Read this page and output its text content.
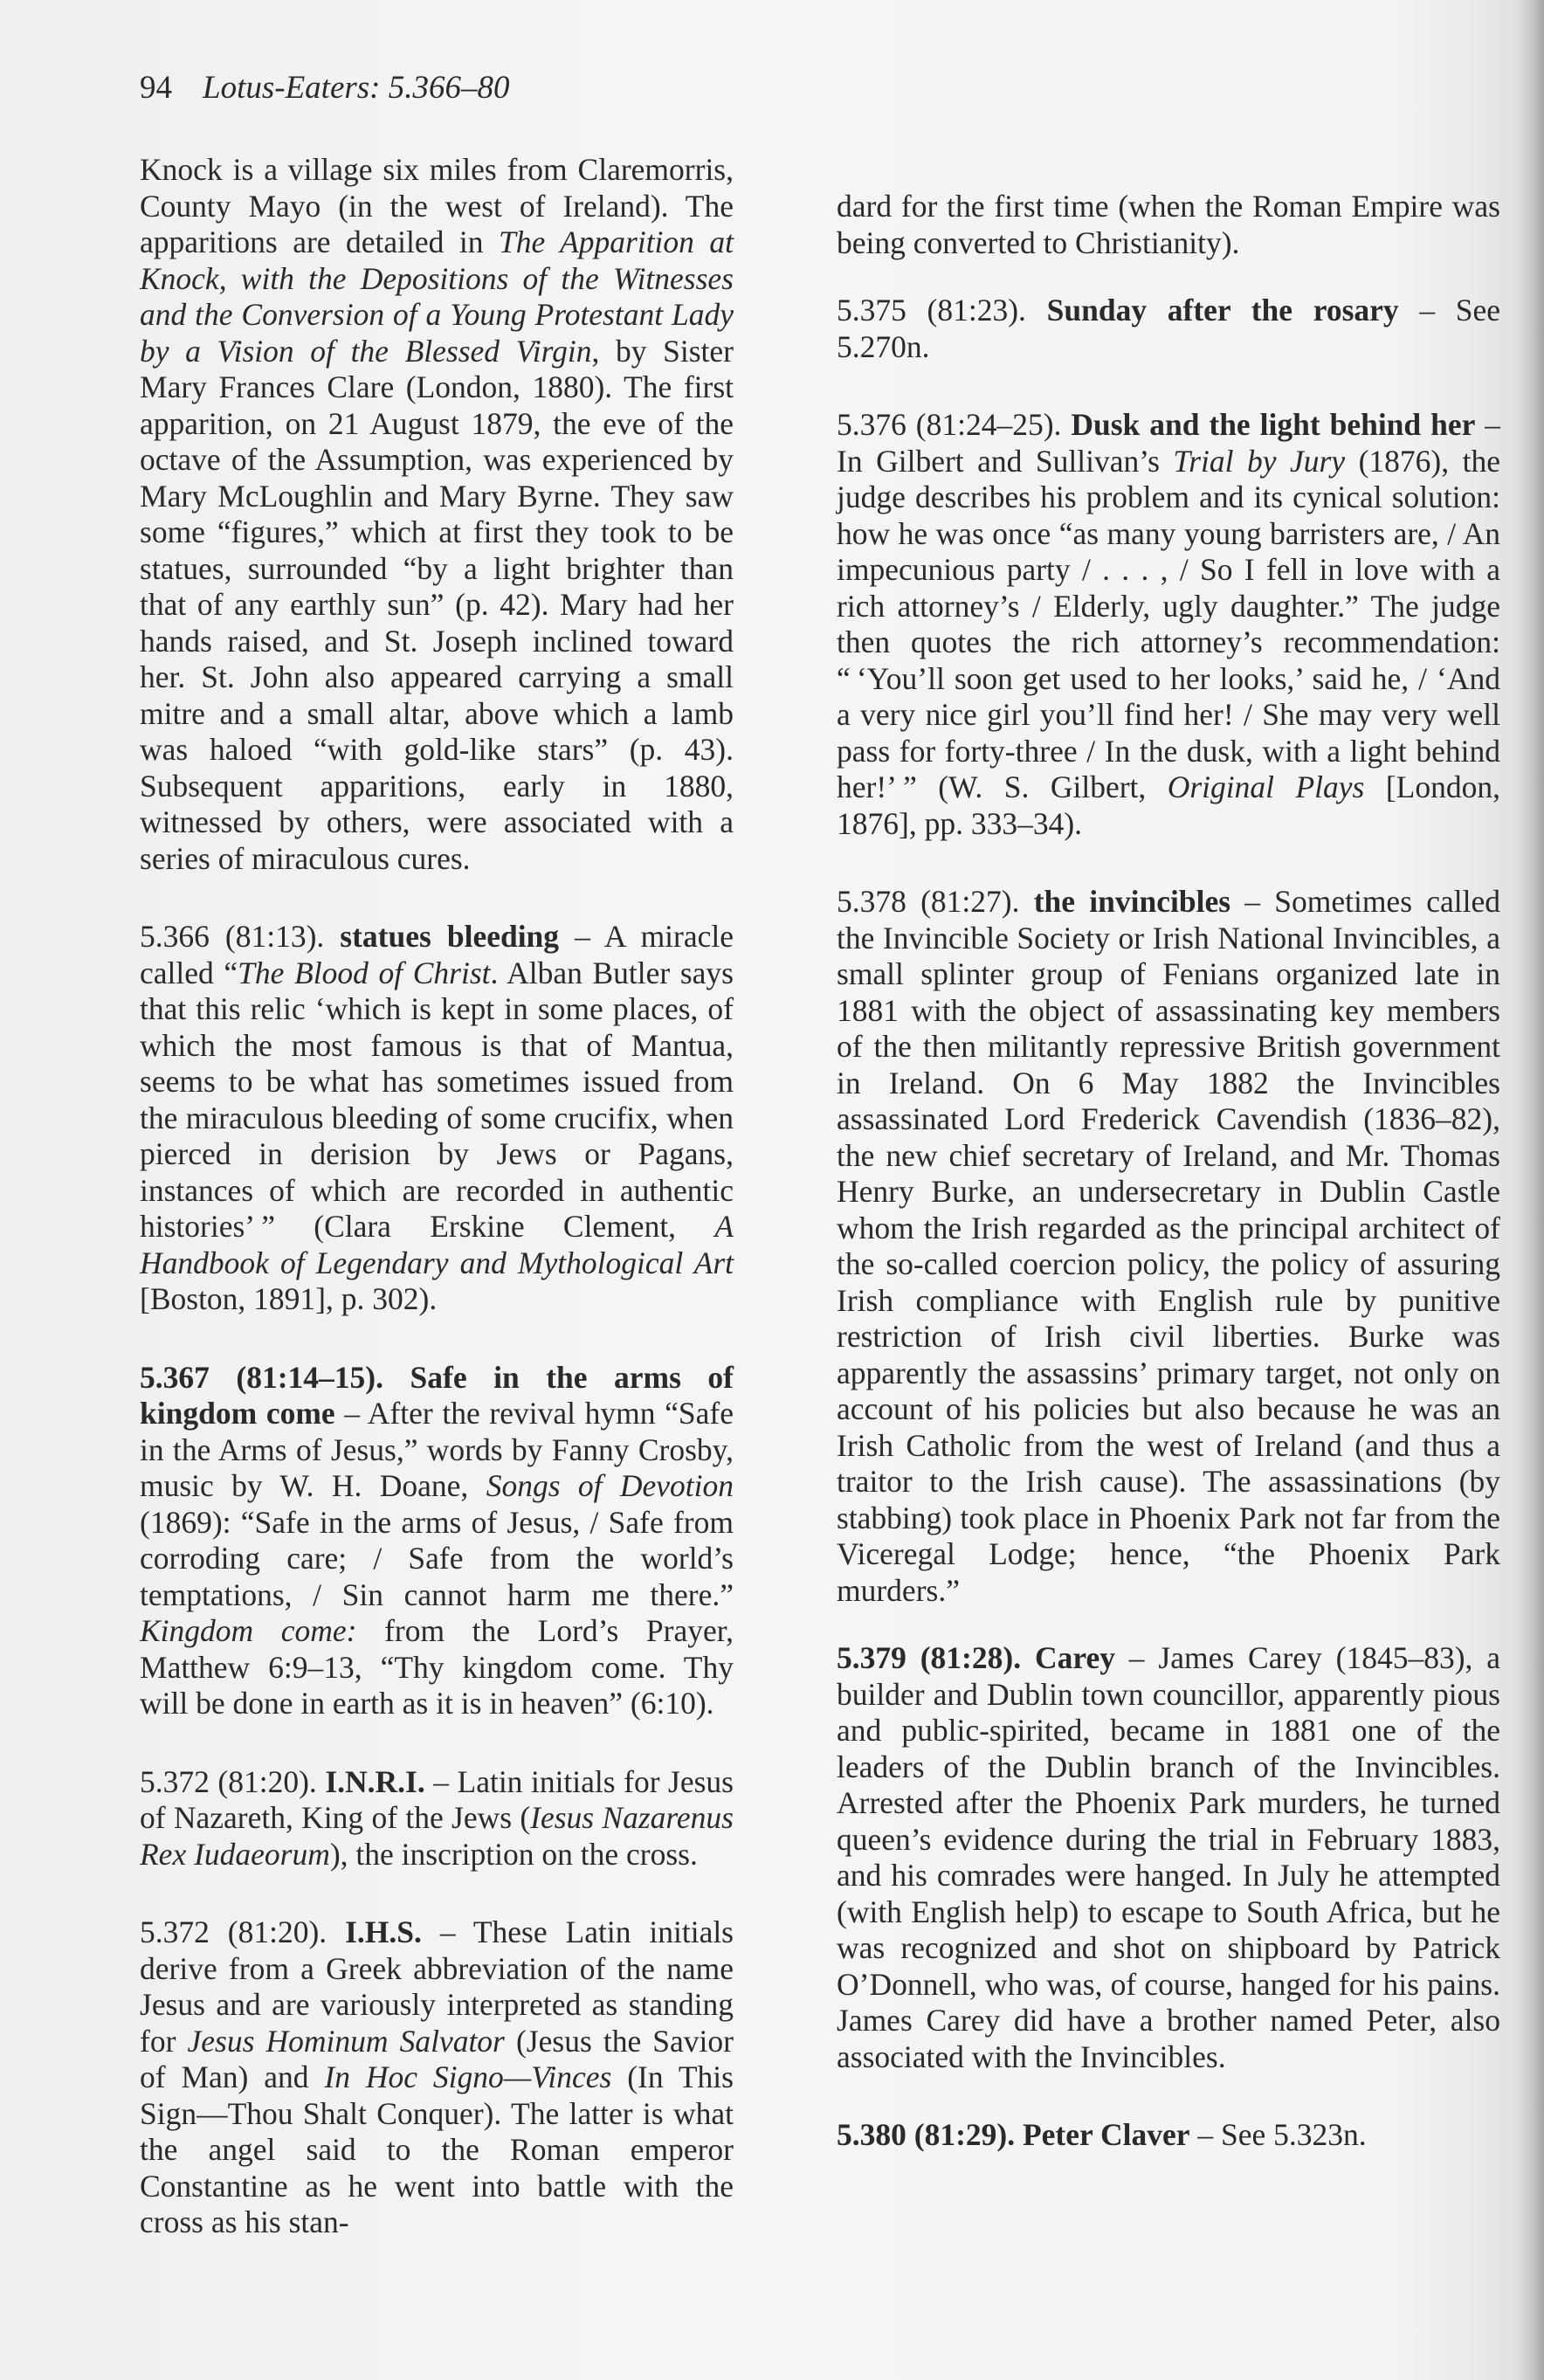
94 Lotus-Eaters: 5.366–80

Knock is a village six miles from Claremorris, County Mayo (in the west of Ireland). The apparitions are detailed in The Apparition at Knock, with the Depositions of the Witnesses and the Conversion of a Young Protestant Lady by a Vision of the Blessed Virgin, by Sister Mary Frances Clare (London, 1880). The first apparition, on 21 August 1879, the eve of the octave of the Assumption, was experienced by Mary McLoughlin and Mary Byrne. They saw some “figures,” which at first they took to be statues, surrounded “by a light brighter than that of any earthly sun” (p. 42). Mary had her hands raised, and St. Joseph inclined toward her. St. John also appeared carrying a small mitre and a small altar, above which a lamb was haloed “with gold-like stars” (p. 43). Subsequent apparitions, early in 1880, witnessed by others, were associated with a series of miraculous cures.

5.366 (81:13). statues bleeding – A miracle called “The Blood of Christ. Alban Butler says that this relic ‘which is kept in some places, of which the most famous is that of Mantua, seems to be what has sometimes issued from the miraculous bleeding of some crucifix, when pierced in derision by Jews or Pagans, instances of which are recorded in authentic histories’ ” (Clara Erskine Clement, A Handbook of Legendary and Mythological Art [Boston, 1891], p. 302).

5.367 (81:14–15). Safe in the arms of kingdom come – After the revival hymn “Safe in the Arms of Jesus,” words by Fanny Crosby, music by W. H. Doane, Songs of Devotion (1869): “Safe in the arms of Jesus, / Safe from corroding care; / Safe from the world’s temptations, / Sin cannot harm me there.” Kingdom come: from the Lord’s Prayer, Matthew 6:9–13, “Thy kingdom come. Thy will be done in earth as it is in heaven” (6:10).

5.372 (81:20). I.N.R.I. – Latin initials for Jesus of Nazareth, King of the Jews (Iesus Nazarenus Rex Iudaeorum), the inscription on the cross.

5.372 (81:20). I.H.S. – These Latin initials derive from a Greek abbreviation of the name Jesus and are variously interpreted as standing for Jesus Hominum Salvator (Jesus the Savior of Man) and In Hoc Signo—Vinces (In This Sign—Thou Shalt Conquer). The latter is what the angel said to the Roman emperor Constantine as he went into battle with the cross as his stan-

dard for the first time (when the Roman Empire was being converted to Christianity).

5.375 (81:23). Sunday after the rosary – See 5.270n.

5.376 (81:24–25). Dusk and the light behind her – In Gilbert and Sullivan’s Trial by Jury (1876), the judge describes his problem and its cynical solution: how he was once “as many young barristers are, / An impecunious party / . . . , / So I fell in love with a rich attorney’s / Elderly, ugly daughter.” The judge then quotes the rich attorney’s recommendation: “ ‘You’ll soon get used to her looks,’ said he, / ‘And a very nice girl you’ll find her! / She may very well pass for forty-three / In the dusk, with a light behind her!’ ” (W. S. Gilbert, Original Plays [London, 1876], pp. 333–34).

5.378 (81:27). the invincibles – Sometimes called the Invincible Society or Irish National Invincibles, a small splinter group of Fenians organized late in 1881 with the object of assassinating key members of the then militantly repressive British government in Ireland. On 6 May 1882 the Invincibles assassinated Lord Frederick Cavendish (1836–82), the new chief secretary of Ireland, and Mr. Thomas Henry Burke, an undersecretary in Dublin Castle whom the Irish regarded as the principal architect of the so-called coercion policy, the policy of assuring Irish compliance with English rule by punitive restriction of Irish civil liberties. Burke was apparently the assassins’ primary target, not only on account of his policies but also because he was an Irish Catholic from the west of Ireland (and thus a traitor to the Irish cause). The assassinations (by stabbing) took place in Phoenix Park not far from the Viceregal Lodge; hence, “the Phoenix Park murders.”

5.379 (81:28). Carey – James Carey (1845–83), a builder and Dublin town councillor, apparently pious and public-spirited, became in 1881 one of the leaders of the Dublin branch of the Invincibles. Arrested after the Phoenix Park murders, he turned queen’s evidence during the trial in February 1883, and his comrades were hanged. In July he attempted (with English help) to escape to South Africa, but he was recognized and shot on shipboard by Patrick O’Donnell, who was, of course, hanged for his pains. James Carey did have a brother named Peter, also associated with the Invincibles.

5.380 (81:29). Peter Claver – See 5.323n.
